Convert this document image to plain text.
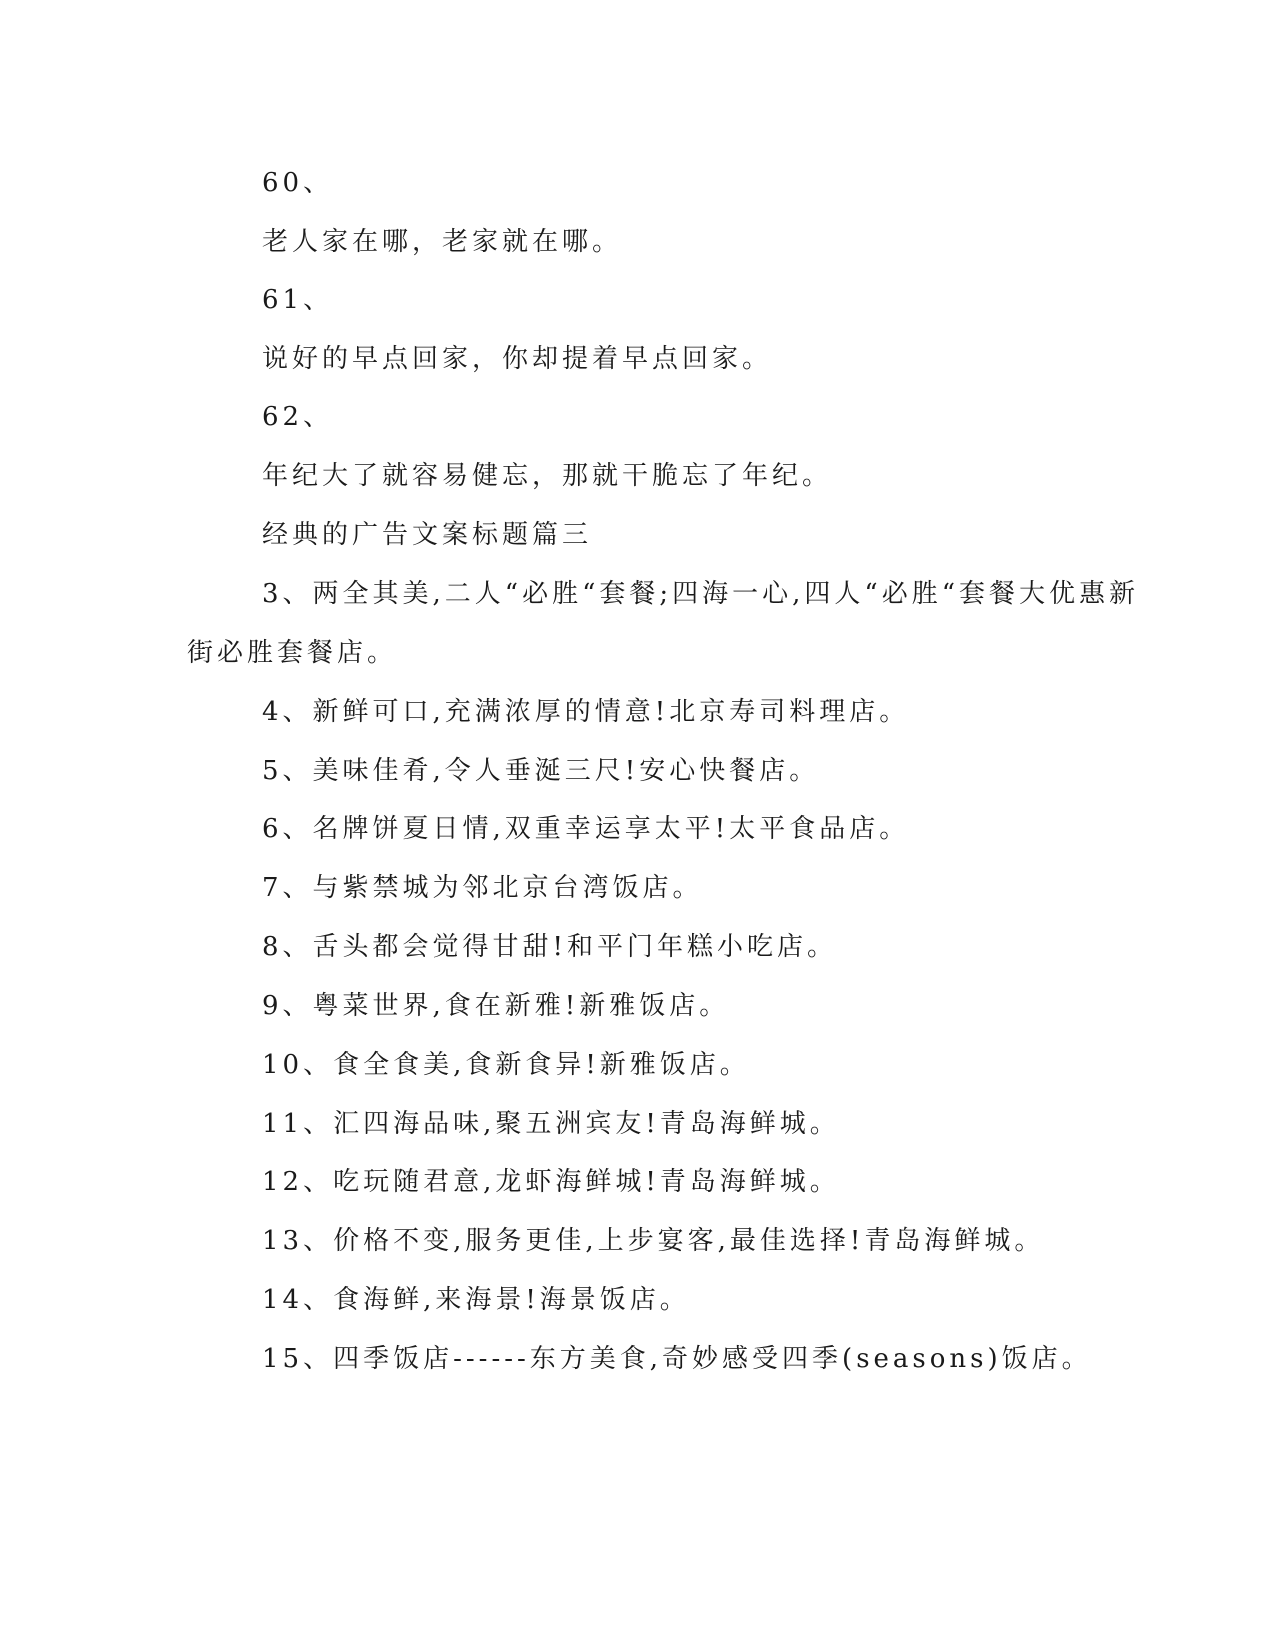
60、
老人家在哪，老家就在哪。
61、
说好的早点回家，你却提着早点回家。
62、
年纪大了就容易健忘，那就干脆忘了年纪。
经典的广告文案标题篇三
3、两全其美,二人“必胜“套餐;四海一心,四人“必胜“套餐大优惠新
街必胜套餐店。
4、新鲜可口,充满浓厚的情意!北京寿司料理店。
5、美味佳肴,令人垂涎三尺!安心快餐店。
6、名牌饼夏日情,双重幸运享太平!太平食品店。
7、与紫禁城为邻北京台湾饭店。
8、舌头都会觉得甘甜!和平门年糕小吃店。
9、粤菜世界,食在新雅!新雅饭店。
10、食全食美,食新食异!新雅饭店。
11、汇四海品味,聚五洲宾友!青岛海鲜城。
12、吃玩随君意,龙虾海鲜城!青岛海鲜城。
13、价格不变,服务更佳,上步宴客,最佳选择!青岛海鲜城。
14、食海鲜,来海景!海景饭店。
15、四季饭店------东方美食,奇妙感受四季(seasons)饭店。
